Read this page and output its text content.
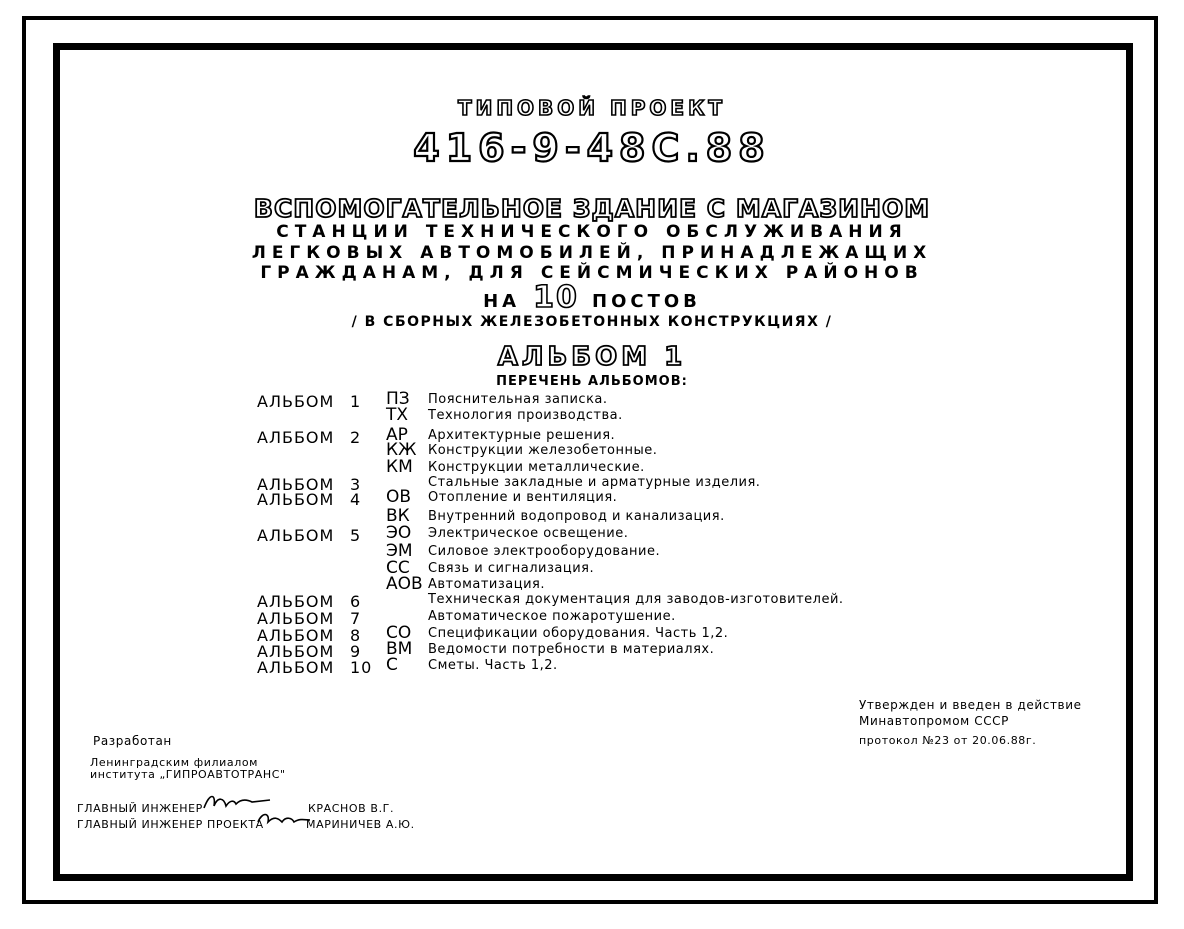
ТИПОВОЙ ПРОЕКТ
416-9-48С.88
ВСПОМОГАТЕЛЬНОЕ ЗДАНИЕ С МАГАЗИНОМ
СТАНЦИИ ТЕХНИЧЕСКОГО ОБСЛУЖИВАНИЯ
ЛЕГКОВЫХ АВТОМОБИЛЕЙ, ПРИНАДЛЕЖАЩИХ
ГРАЖДАНАМ, ДЛЯ СЕЙСМИЧЕСКИХ РАЙОНОВ
НА 10 ПОСТОВ
/ В СБОРНЫХ ЖЕЛЕЗОБЕТОННЫХ КОНСТРУКЦИЯХ /
АЛЬБОМ 1
ПЕРЕЧЕНЬ АЛЬБОМОВ:
АЛЬБОМ 1 ПЗ Пояснительная записка.
ТХ Технология производства.
АЛББОМ 2 АР Архитектурные решения.
КЖ Конструкции железобетонные.
КМ Конструкции металлические.
АЛЬБОМ 3	Стальные закладные и арматурные изделия.
АЛЬБОМ 4 ОВ Отопление и вентиляция.
ВК Внутренний водопровод и канализация.
АЛЬБОМ 5 ЭО Электрическое освещение.
ЭМ Силовое электрооборудование.
СС Связь и сигнализация.
АОВ Автоматизация.
АЛЬБОМ 6	Техническая документация для заводов-изготовителей.
АЛЬБОМ 7	Автоматическое пожаротушение.
АЛЬБОМ 8 СО Спецификации оборудования. Часть 1,2.
АЛЬБОМ 9 ВМ Ведомости потребности в материалях.
АЛЬБОМ 10 С Сметы. Часть 1,2.
Утвержден и введен в действие
Минавтопромом СССР
протокол №23 от 20.06.88г.
Разработан
Ленинградским филиалом
института „ГИПРОАВТОТРАНС"
ГЛАВНЫЙ ИНЖЕНЕР	КРАСНОВ В.Г.
ГЛАВНЫЙ ИНЖЕНЕР ПРОЕКТА	МАРИНИЧЕВ А.Ю.
